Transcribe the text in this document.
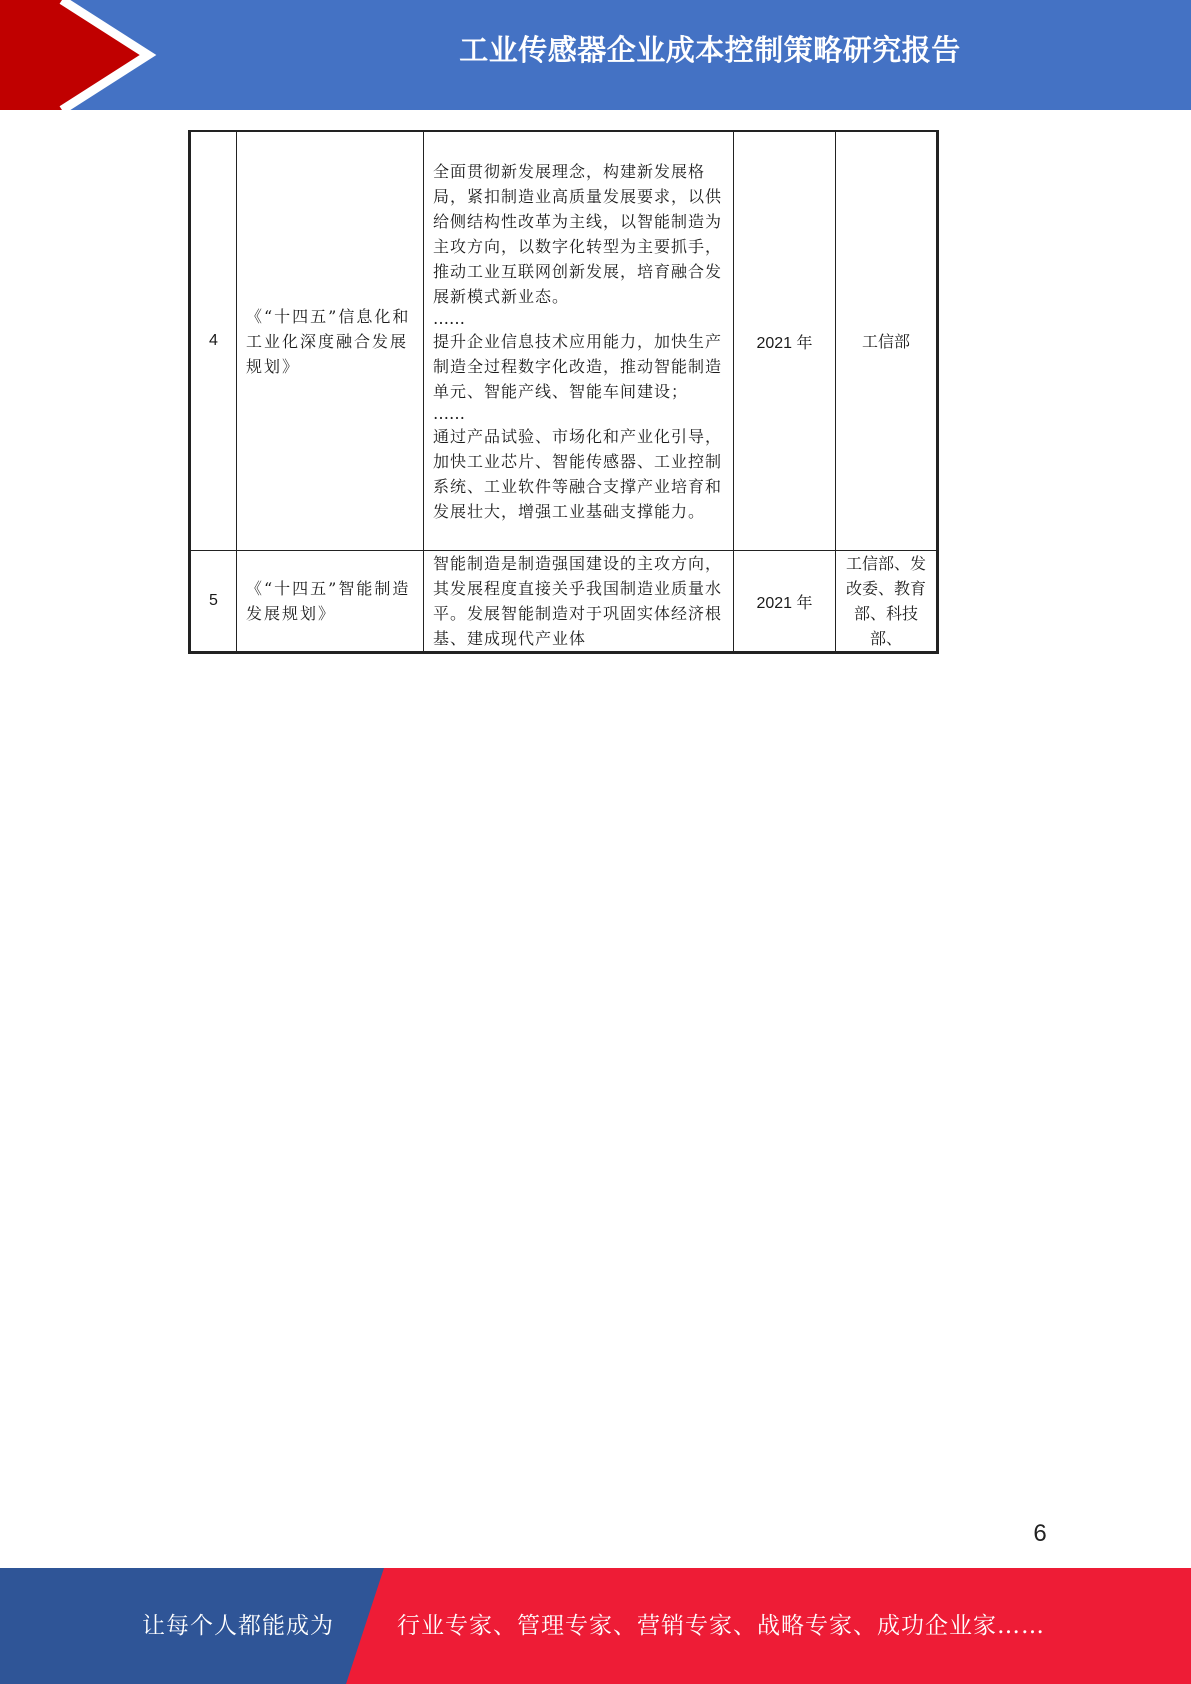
工业传感器企业成本控制策略研究报告
4	《“十四五”信息化和工业化深度融合发展规划》	全面贯彻新发展理念，构建新发展格局，紧扣制造业高质量发展要求，以供给侧结构性改革为主线，以智能制造为主攻方向，以数字化转型为主要抓手，推动工业互联网创新发展，培育融合发展新模式新业态。

……

提升企业信息技术应用能力，加快生产制造全过程数字化改造，推动智能制造单元、智能产线、智能车间建设；

……

通过产品试验、市场化和产业化引导，加快工业芯片、智能传感器、工业控制系统、工业软件等融合支撑产业培育和发展壮大，增强工业基础支撑能力。	2021 年	工信部
5	《“十四五”智能制造发展规划》	智能制造是制造强国建设的主攻方向，其发展程度直接关乎我国制造业质量水平。发展智能制造对于巩固实体经济根基、建成现代产业体	2021 年	工信部、发改委、教育部、科技部、
6
让每个人都能成为	行业专家、管理专家、营销专家、战略专家、成功企业家……
